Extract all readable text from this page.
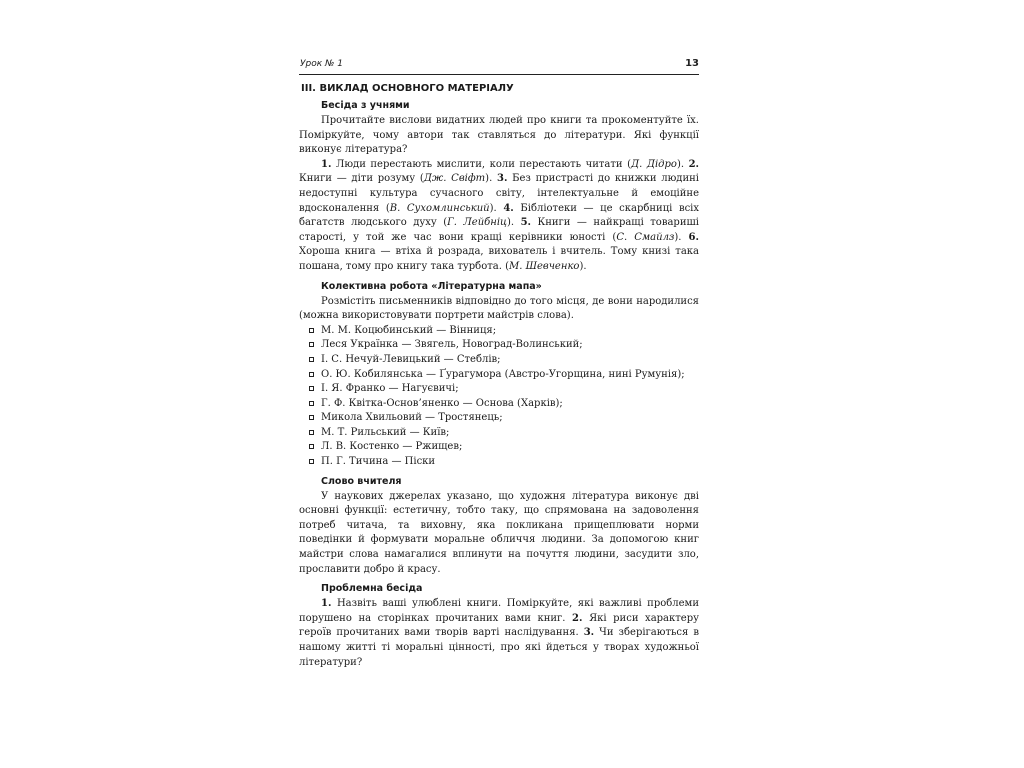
Урок № 1	13
III. ВИКЛАД ОСНОВНОГО МАТЕРІАЛУ
Бесіда з учнями

Прочитайте вислови видатних людей про книги та прокоментуйте їх. Поміркуйте, чому автори так ставляться до літератури. Які функції виконує література?

1. Люди перестають мислити, коли перестають читати (Д. Дідро). 2. Книги — діти розуму (Дж. Свіфт). 3. Без пристрасті до книжки людині недоступні культура сучасного світу, інтелектуальне й емоційне вдосконалення (В. Сухомлинський). 4. Бібліотеки — це скарбниці всіх багатств людського духу (Г. Лейбніц). 5. Книги — найкращі товариші старості, у той же час вони кращі керівники юності (С. Смайлз). 6. Хороша книга — втіха й розрада, вихователь і вчитель. Тому книзі така пошана, тому про книгу така турбота. (М. Шевченко).

Колективна робота «Літературна мапа»

Розмістіть письменників відповідно до того місця, де вони народилися (можна використовувати портрети майстрів слова).

М. М. Коцюбинський — Вінниця;
Леся Українка — Звягель, Новоград-Волинський;
І. С. Нечуй-Левицький — Стеблів;
О. Ю. Кобилянська — Ґурагумора (Австро-Угорщина, нині Румунія);
І. Я. Франко — Нагуєвичі;
Г. Ф. Квітка-Основ’яненко — Основа (Харків);
Микола Хвильовий — Тростянець;
М. Т. Рильський — Київ;
Л. В. Костенко — Ржищев;
П. Г. Тичина — Піски
Слово вчителя

У наукових джерелах указано, що художня література виконує дві основні функції: естетичну, тобто таку, що спрямована на задоволення потреб читача, та виховну, яка покликана прищеплювати норми поведінки й формувати моральне обличчя людини. За допомогою книг майстри слова намагалися вплинути на почуття людини, засудити зло, прославити добро й красу.

Проблемна бесіда

1. Назвіть ваші улюблені книги. Поміркуйте, які важливі проблеми порушено на сторінках прочитаних вами книг. 2. Які риси характеру героїв прочитаних вами творів варті наслідування. 3. Чи зберігаються в нашому житті ті моральні цінності, про які йдеться у творах художньої літератури?
